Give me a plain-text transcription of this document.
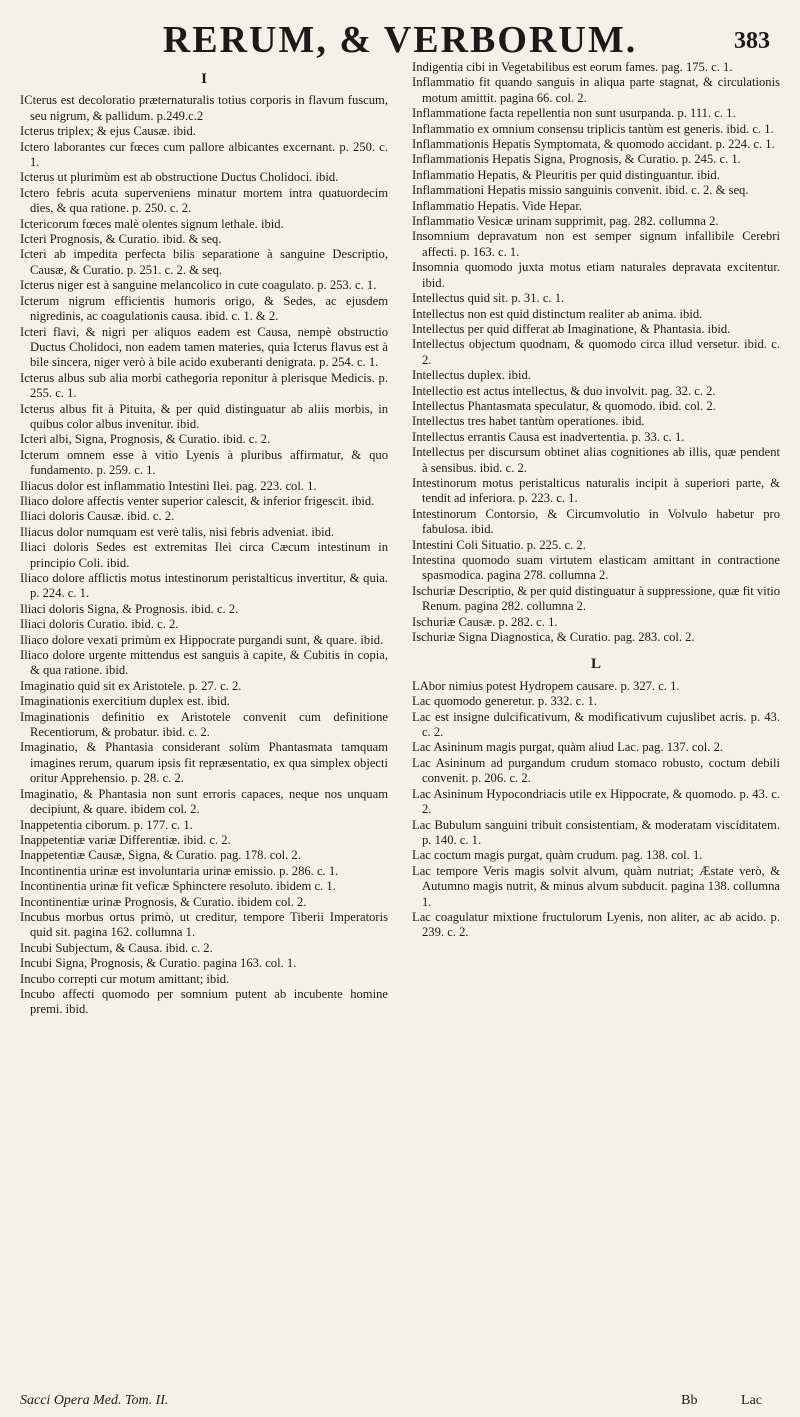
RERUM, & VERBORUM.	383
I

ICterus est decoloratio præternaturalis totius corporis in flavum fuscum, seu nigrum, & pallidum. p.249.c.2

Icterus triplex; & ejus Causæ. ibid.

Ictero laborantes cur fœces cum pallore albicantes excernant. p. 250. c. 1.

Icterus ut plurimùm est ab obstructione Ductus Cholidoci. ibid.

Ictero febris acuta superveniens minatur mortem intra quatuordecim dies, & qua ratione. p. 250. c. 2.

Ictericorum fœces malè olentes signum lethale. ibid.

Icteri Prognosis, & Curatio. ibid. & seq.

Icteri ab impedita perfecta bilis separatione à sanguine Descriptio, Causæ, & Curatio. p. 251. c. 2. & seq.

Icterus niger est à sanguine melancolico in cute coagulato. p. 253. c. 1.

Icterum nigrum efficientis humoris origo, & Sedes, ac ejusdem nigredinis, ac coagulationis causa. ibid. c. 1. & 2.

Icteri flavi, & nigri per aliquos eadem est Causa, nempè obstructio Ductus Cholidoci, non eadem tamen materies, quia Icterus flavus est à bile sincera, niger verò à bile acido exuberanti denigrata. p. 254. c. 1.

Icterus albus sub alia morbi cathegoria reponitur à plerisque Medicis. p. 255. c. 1.

Icterus albus fit à Pituita, & per quid distinguatur ab aliis morbis, in quibus color albus invenitur. ibid.

Icteri albi, Signa, Prognosis, & Curatio. ibid. c. 2.

Icterum omnem esse à vitio Lyenis à pluribus affirmatur, & quo fundamento. p. 259. c. 1.

Iliacus dolor est inflammatio Intestini Ilei. pag. 223. col. 1.

Iliaco dolore affectis venter superior calescit, & inferior frigescit. ibid.

Iliaci doloris Causæ. ibid. c. 2.

Iliacus dolor numquam est verè talis, nisi febris adveniat. ibid.

Iliaci doloris Sedes est extremitas Ilei circa Cæcum intestinum in principio Coli. ibid.

Iliaco dolore afflictis motus intestinorum peristalticus invertitur, & quia. p. 224. c. 1.

Iliaci doloris Signa, & Prognosis. ibid. c. 2.

Iliaci doloris Curatio. ibid. c. 2.

Iliaco dolore vexati primùm ex Hippocrate purgandi sunt, & quare. ibid.

Iliaco dolore urgente mittendus est sanguis à capite, & Cubitis in copia, & qua ratione. ibid.

Imaginatio quid sit ex Aristotele. p. 27. c. 2.

Imaginationis exercitium duplex est. ibid.

Imaginationis definitio ex Aristotele convenit cum definitione Recentiorum, & probatur. ibid. c. 2.

Imaginatio, & Phantasia considerant solùm Phantasmata tamquam imagines rerum, quarum ipsis fit repræsentatio, ex qua simplex objecti oritur Apprehensio. p. 28. c. 2.

Imaginatio, & Phantasia non sunt erroris capaces, neque nos unquam decipiunt, & quare. ibidem col. 2.

Inappetentia ciborum. p. 177. c. 1.

Inappetentiæ variæ Differentiæ. ibid. c. 2.

Inappetentiæ Causæ, Signa, & Curatio. pag. 178. col. 2.

Incontinentia urinæ est involuntaria urinæ emissio. p. 286. c. 1.

Incontinentia urinæ fit veficæ Sphinctere resoluto. ibidem c. 1.

Incontinentiæ urinæ Prognosis, & Curatio. ibidem col. 2.

Incubus morbus ortus primò, ut creditur, tempore Tiberii Imperatoris quid sit. pagina 162. collumna 1.

Incubi Subjectum, & Causa. ibid. c. 2.

Incubi Signa, Prognosis, & Curatio. pagina 163. col. 1.

Incubo correpti cur motum amittant; ibid.

Incubo affecti quomodo per somnium putent ab incubente homine premi. ibid.

Indigentia cibi in Vegetabilibus est eorum fames. pag. 175. c. 1.

Inflammatio fit quando sanguis in aliqua parte stagnat, & circulationis motum amittit. pagina 66. col. 2.

Inflammatione facta repellentia non sunt usurpanda. p. 111. c. 1.

Inflammatio ex omnium consensu triplicis tantùm est generis. ibid. c. 1.

Inflammationis Hepatis Symptomata, & quomodo accidant. p. 224. c. 1.

Inflammationis Hepatis Signa, Prognosis, & Curatio. p. 245. c. 1.

Inflammatio Hepatis, & Pleuritis per quid distinguantur. ibid.

Inflammationi Hepatis missio sanguinis convenit. ibid. c. 2. & seq.

Inflammatio Hepatis. Vide Hepar.

Inflammatio Vesicæ urinam supprimit, pag. 282. collumna 2.

Insomnium depravatum non est semper signum infallibile Cerebri affecti. p. 163. c. 1.

Insomnia quomodo juxta motus etiam naturales depravata excitentur. ibid.

Intellectus quid sit. p. 31. c. 1.

Intellectus non est quid distinctum realiter ab anima. ibid.

Intellectus per quid differat ab Imaginatione, & Phantasia. ibid.

Intellectus objectum quodnam, & quomodo circa illud versetur. ibid. c. 2.

Intellectus duplex. ibid.

Intellectio est actus intellectus, & duo involvit. pag. 32. c. 2.

Intellectus Phantasmata speculatur, & quomodo. ibid. col. 2.

Intellectus tres habet tantùm operationes. ibid.

Intellectus errantis Causa est inadvertentia. p. 33. c. 1.

Intellectus per discursum obtinet alias cognitiones ab illis, quæ pendent à sensibus. ibid. c. 2.

Intestinorum motus peristalticus naturalis incipit à superiori parte, & tendit ad inferiora. p. 223. c. 1.

Intestinorum Contorsio, & Circumvolutio in Volvulo habetur pro fabulosa. ibid.

Intestini Coli Situatio. p. 225. c. 2.

Intestina quomodo suam virtutem elasticam amittant in contractione spasmodica. pagina 278. collumna 2.

Ischuriæ Descriptio, & per quid distinguatur à suppressione, quæ fit vitio Renum. pagina 282. collumna 2.

Ischuriæ Causæ. p. 282. c. 1.

Ischuriæ Signa Diagnostica, & Curatio. pag. 283. col. 2.

L

LAbor nimius potest Hydropem causare. p. 327. c. 1.

Lac quomodo generetur. p. 332. c. 1.

Lac est insigne dulcificativum, & modificativum cujuslibet acris. p. 43. c. 2.

Lac Asininum magis purgat, quàm aliud Lac. pag. 137. col. 2.

Lac Asininum ad purgandum crudum stomaco robusto, coctum debili convenit. p. 206. c. 2.

Lac Asininum Hypocondriacis utile ex Hippocrate, & quomodo. p. 43. c. 2.

Lac Bubulum sanguini tribuit consistentiam, & moderatam viscíditatem. p. 140. c. 1.

Lac coctum magis purgat, quàm crudum. pag. 138. col. 1.

Lac tempore Veris magis solvit alvum, quàm nutriat; Æstate verò, & Autumno magis nutrit, & minus alvum subducit. pagina 138. collumna 1.

Lac coagulatur mixtione fructulorum Lyenis, non aliter, ac ab acido. p. 239. c. 2.

Sacci Opera Med. Tom. II.	Bb	Lac
